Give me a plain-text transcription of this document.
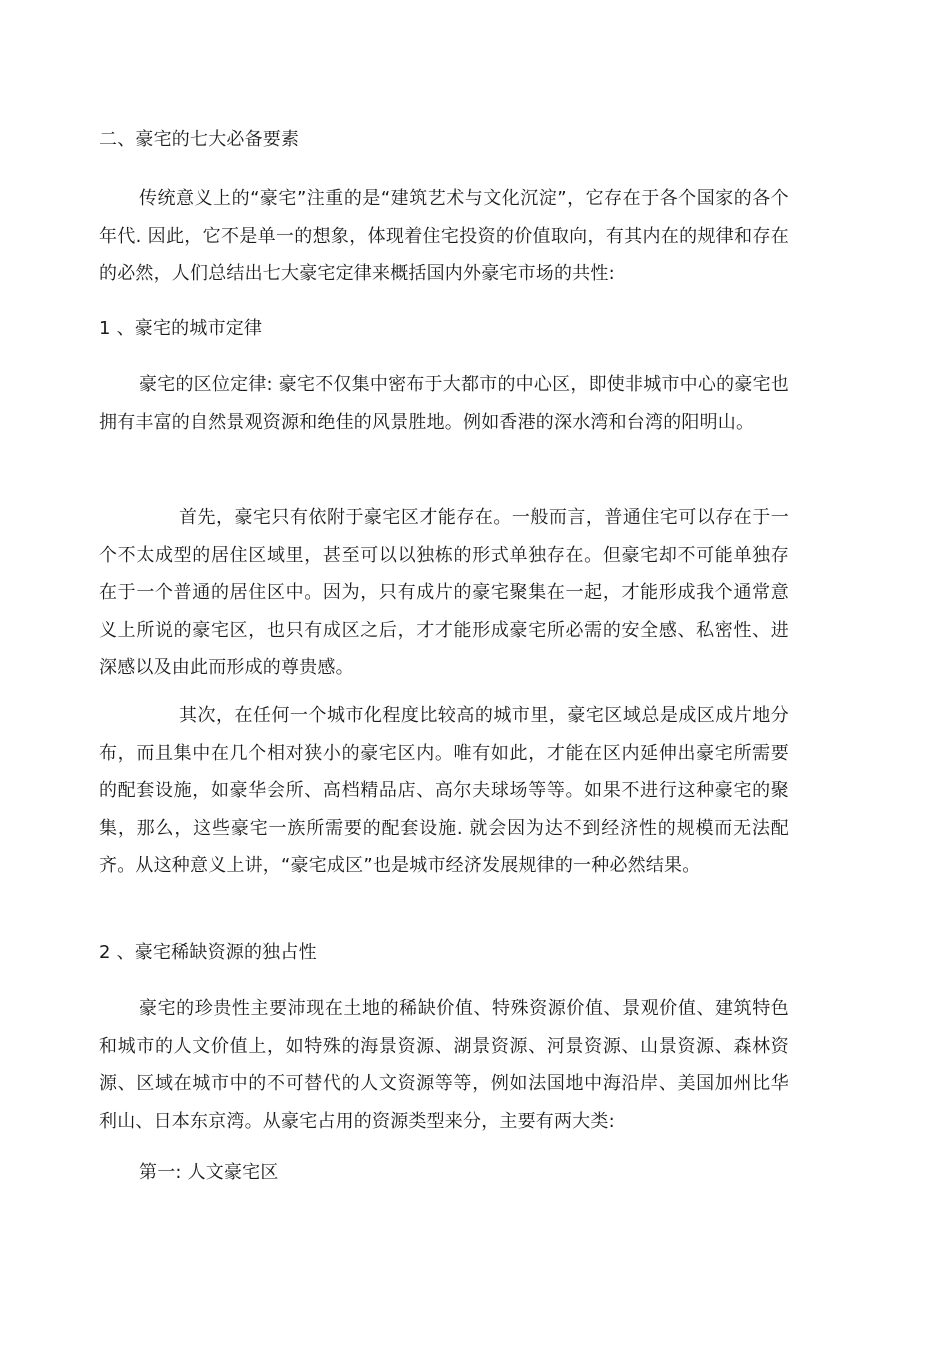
二、豪宅的七大必备要素

传统意义上的“豪宅”注重的是“建筑艺术与文化沉淀”，它存在于各个国家的各个年代. 因此，它不是单一的想象，体现着住宅投资的价值取向，有其内在的规律和存在的必然，人们总结出七大豪宅定律来概括国内外豪宅市场的共性:

1 、豪宅的城市定律

豪宅的区位定律: 豪宅不仅集中密布于大都市的中心区，即使非城市中心的豪宅也拥有丰富的自然景观资源和绝佳的风景胜地。例如香港的深水湾和台湾的阳明山。

首先，豪宅只有依附于豪宅区才能存在。一般而言，普通住宅可以存在于一个不太成型的居住区域里，甚至可以以独栋的形式单独存在。但豪宅却不可能单独存在于一个普通的居住区中。因为，只有成片的豪宅聚集在一起，才能形成我个通常意义上所说的豪宅区，也只有成区之后，才才能形成豪宅所必需的安全感、私密性、进深感以及由此而形成的尊贵感。

其次，在任何一个城市化程度比较高的城市里，豪宅区域总是成区成片地分布，而且集中在几个相对狭小的豪宅区内。唯有如此，才能在区内延伸出豪宅所需要的配套设施，如豪华会所、高档精品店、高尔夫球场等等。如果不进行这种豪宅的聚集，那么，这些豪宅一族所需要的配套设施. 就会因为达不到经济性的规模而无法配齐。从这种意义上讲，“豪宅成区”也是城市经济发展规律的一种必然结果。

2 、豪宅稀缺资源的独占性

豪宅的珍贵性主要沛现在土地的稀缺价值、特殊资源价值、景观价值、建筑特色和城市的人文价值上，如特殊的海景资源、湖景资源、河景资源、山景资源、森林资源、区域在城市中的不可替代的人文资源等等，例如法国地中海沿岸、美国加州比华利山、日本东京湾。从豪宅占用的资源类型来分，主要有两大类:

第一: 人文豪宅区
